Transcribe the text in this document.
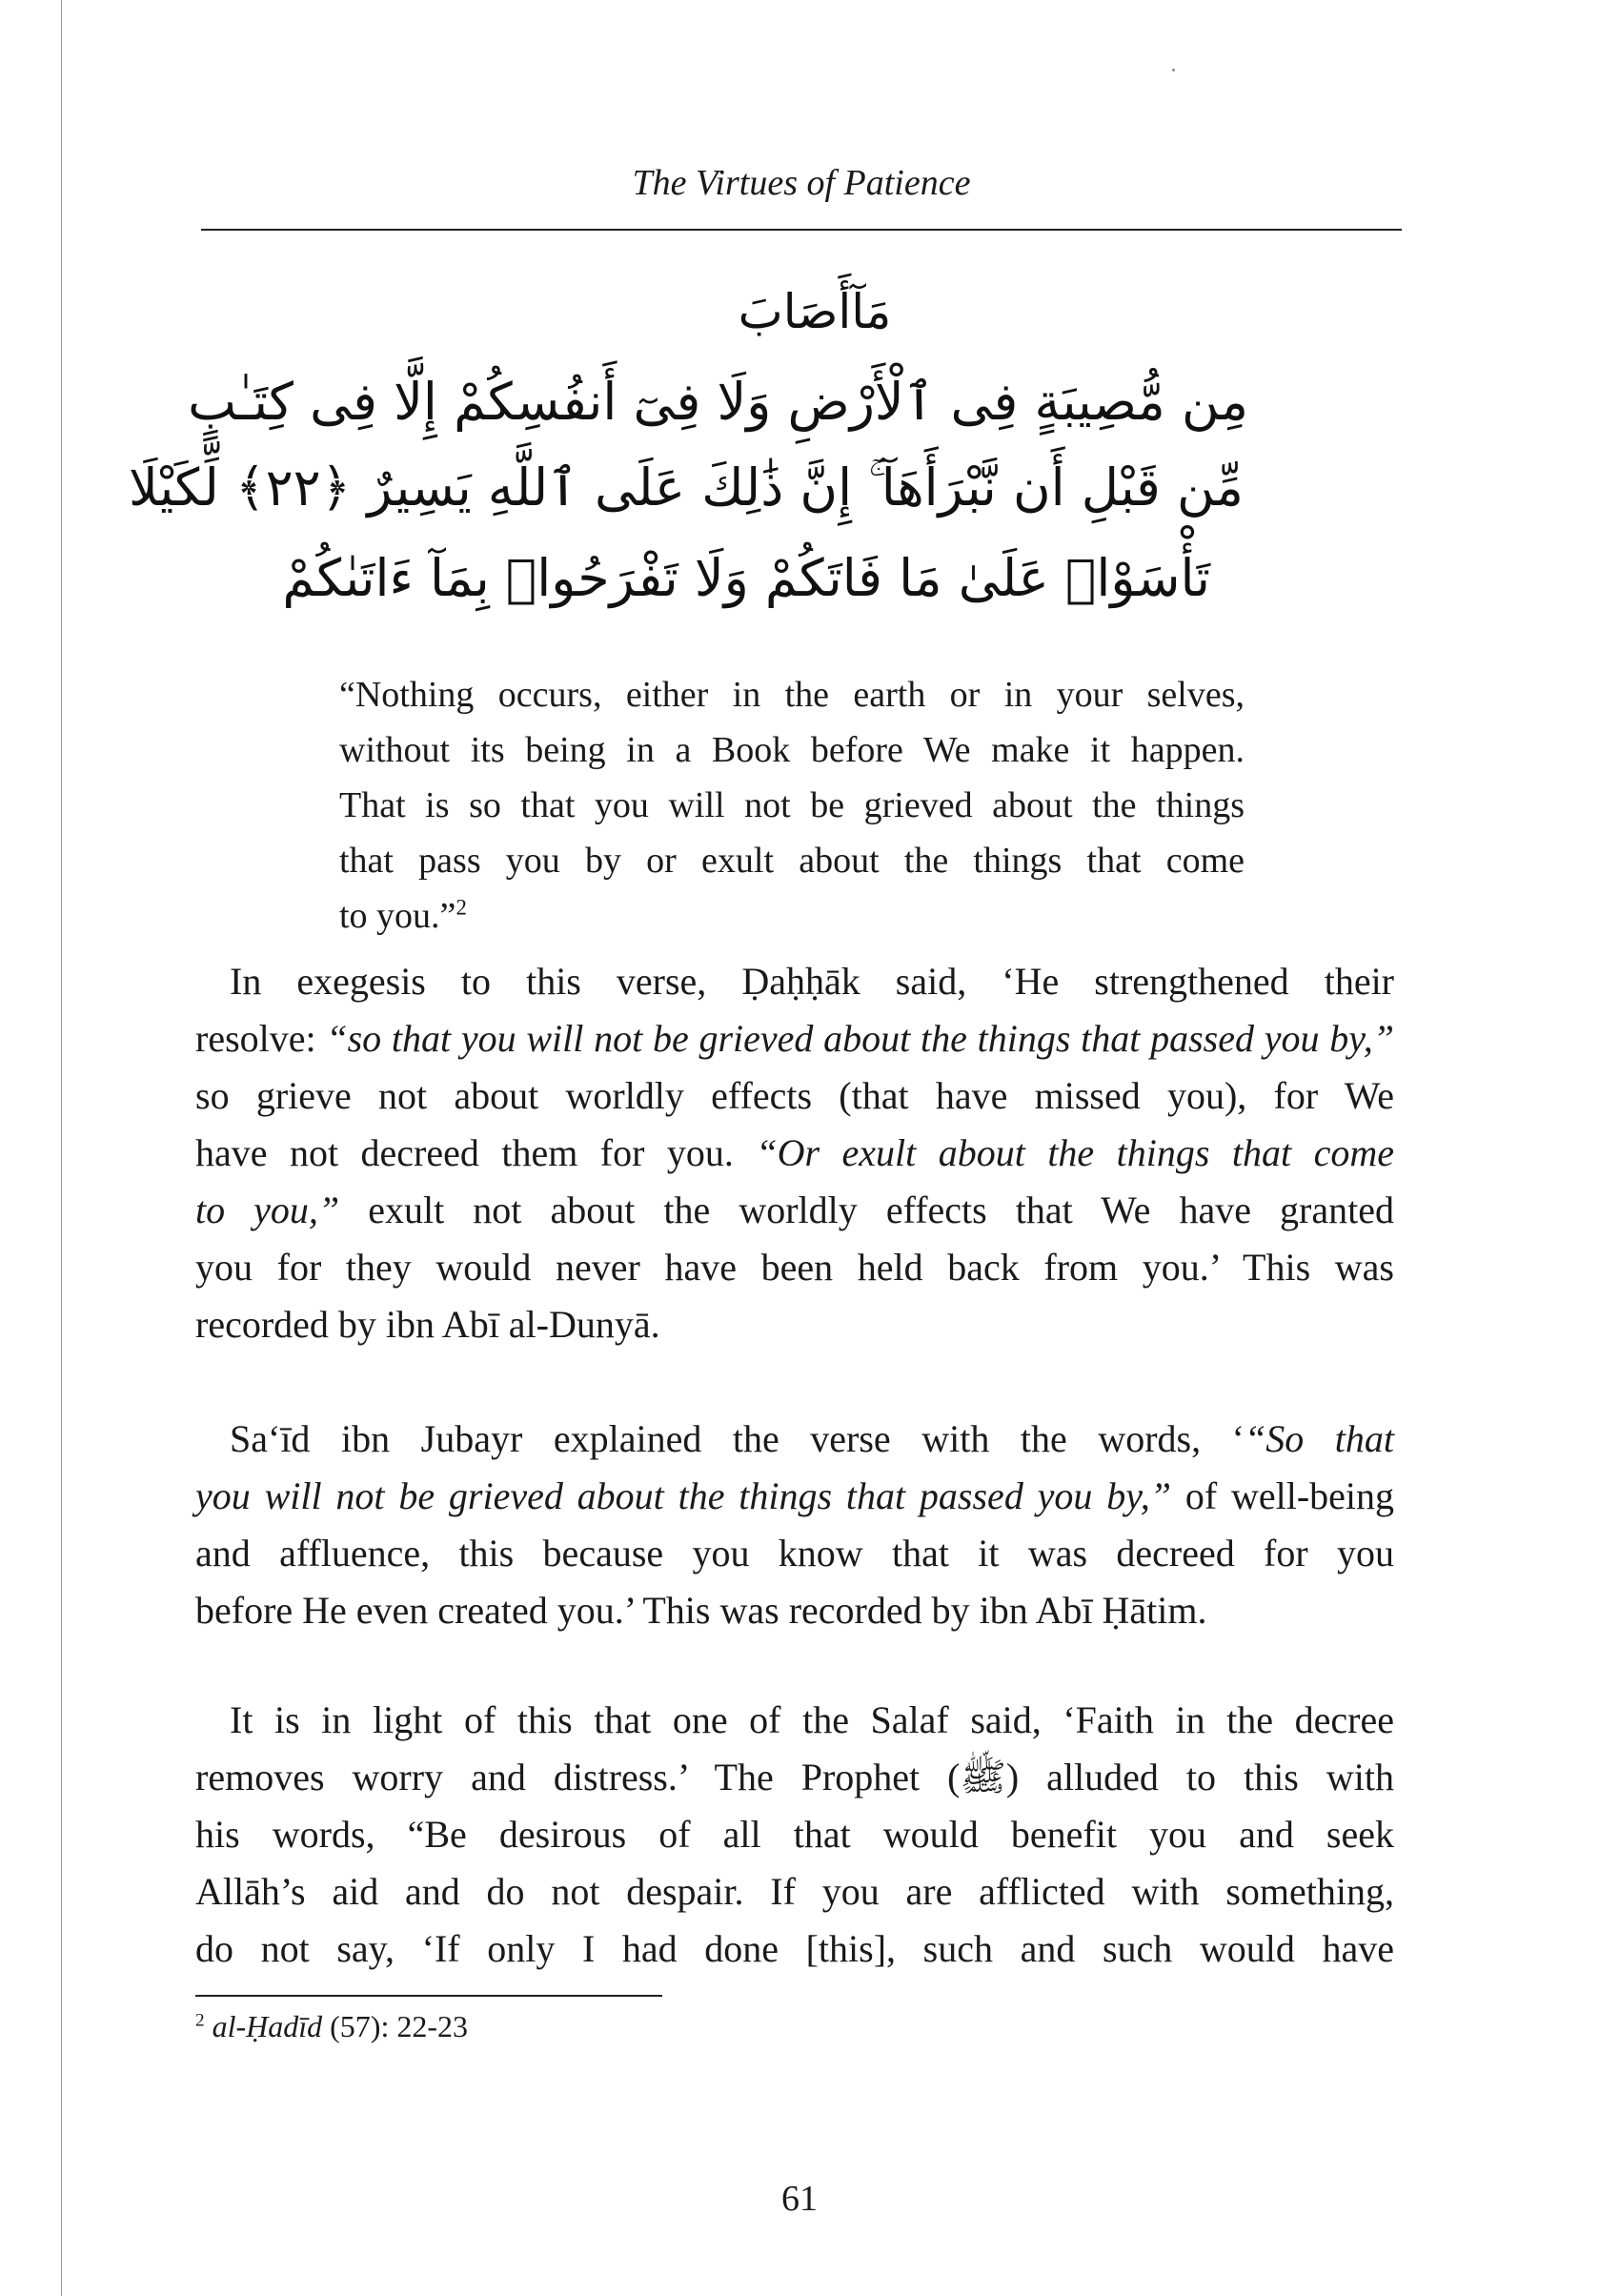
The Virtues of Patience
مَآأَصَابَ
مِن مُّصِيبَةٍ فِى ٱلْأَرْضِ وَلَا فِىٓ أَنفُسِكُمْ إِلَّا فِى كِتَـٰبٍ
مِّن قَبْلِ أَن نَّبْرَأَهَآ ۚ إِنَّ ذَٰلِكَ عَلَى ٱللَّهِ يَسِيرٌ ﴿٢٢﴾ لِّكَيْلَا
تَأْسَوْا۟ عَلَىٰ مَا فَاتَكُمْ وَلَا تَفْرَحُوا۟ بِمَآ ءَاتَىٰكُمْ
“Nothing occurs, either in the earth or in your selves,
without its being in a Book before We make it happen.
That is so that you will not be grieved about the things
that pass you by or exult about the things that come
to you.”$^2$
In exegesis to this verse, Ḍaḥḥāk said, ‘He strengthened their
resolve: “so that you will not be grieved about the things that passed you by,”
so grieve not about worldly effects (that have missed you), for We
have not decreed them for you. “Or exult about the things that come
to you,” exult not about the worldly effects that We have granted
you for they would never have been held back from you.’ This was
recorded by ibn Abī al-Dunyā.
Sa‘īd ibn Jubayr explained the verse with the words, ‘“So that
you will not be grieved about the things that passed you by,” of well-being
and affluence, this because you know that it was decreed for you
before He even created you.’ This was recorded by ibn Abī Ḥātim.
It is in light of this that one of the Salaf said, ‘Faith in the decree
removes worry and distress.’ The Prophet (ﷺ) alluded to this with
his words, “Be desirous of all that would benefit you and seek
Allāh’s aid and do not despair. If you are afflicted with something,
do not say, ‘If only I had done [this], such and such would have
$^2$ al-Ḥadīd (57): 22-23
61
